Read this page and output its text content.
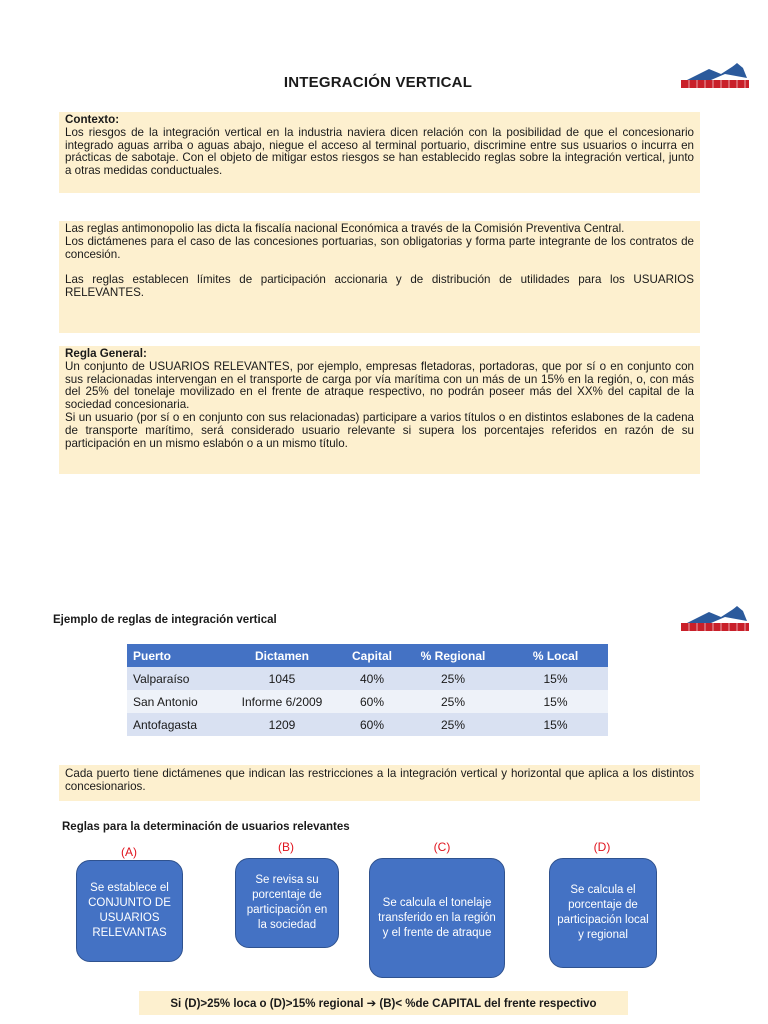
INTEGRACIÓN VERTICAL

Contexto:

Los riesgos de la integración vertical en la industria naviera dicen relación con la posibilidad de que el concesionario integrado aguas arriba o aguas abajo, niegue el acceso al terminal portuario, discrimine entre sus usuarios o incurra en prácticas de sabotaje. Con el objeto de mitigar estos riesgos se han establecido reglas sobre la integración vertical, junto a otras medidas conductuales.

Las reglas antimonopolio las dicta la fiscalía nacional Económica a través de la Comisión Preventiva Central.

Los dictámenes para el caso de las concesiones portuarias, son obligatorias y forma parte integrante de los contratos de concesión.

Las reglas establecen límites de participación accionaria y de distribución de utilidades para los USUARIOS RELEVANTES.

Regla General:

Un conjunto de USUARIOS RELEVANTES, por ejemplo, empresas fletadoras, portadoras, que por sí o en conjunto con sus relacionadas intervengan en el transporte de carga por vía marítima con un más de un 15% en la región, o, con más del 25% del tonelaje movilizado en el frente de atraque respectivo, no podrán poseer más del XX% del capital de la sociedad concesionaria.

Si un usuario (por sí o en conjunto con sus relacionadas) participare a varios títulos o en distintos eslabones de la cadena de transporte marítimo, será considerado usuario relevante si supera los porcentajes referidos en razón de su participación en un mismo eslabón o a un mismo título.

Ejemplo de reglas de integración vertical
Puerto	Dictamen	Capital	% Regional	% Local
Valparaíso	1045	40%	25%	15%
San Antonio	Informe 6/2009	60%	25%	15%
Antofagasta	1209	60%	25%	15%

Cada puerto tiene dictámenes que indican las restricciones a la integración vertical y horizontal que aplica a los distintos concesionarios.

Reglas para la determinación de usuarios relevantes
(A)	(B)	(C)	(D)
Se establece el CONJUNTO DE USUARIOS RELEVANTAS
Se revisa su porcentaje de participación en la sociedad
Se calcula el tonelaje transferido en la región y el frente de atraque
Se calcula el porcentaje de participación local y regional
Si (D)>25% loca o (D)>15% regional ➔ (B)< %de CAPITAL del frente respectivo
